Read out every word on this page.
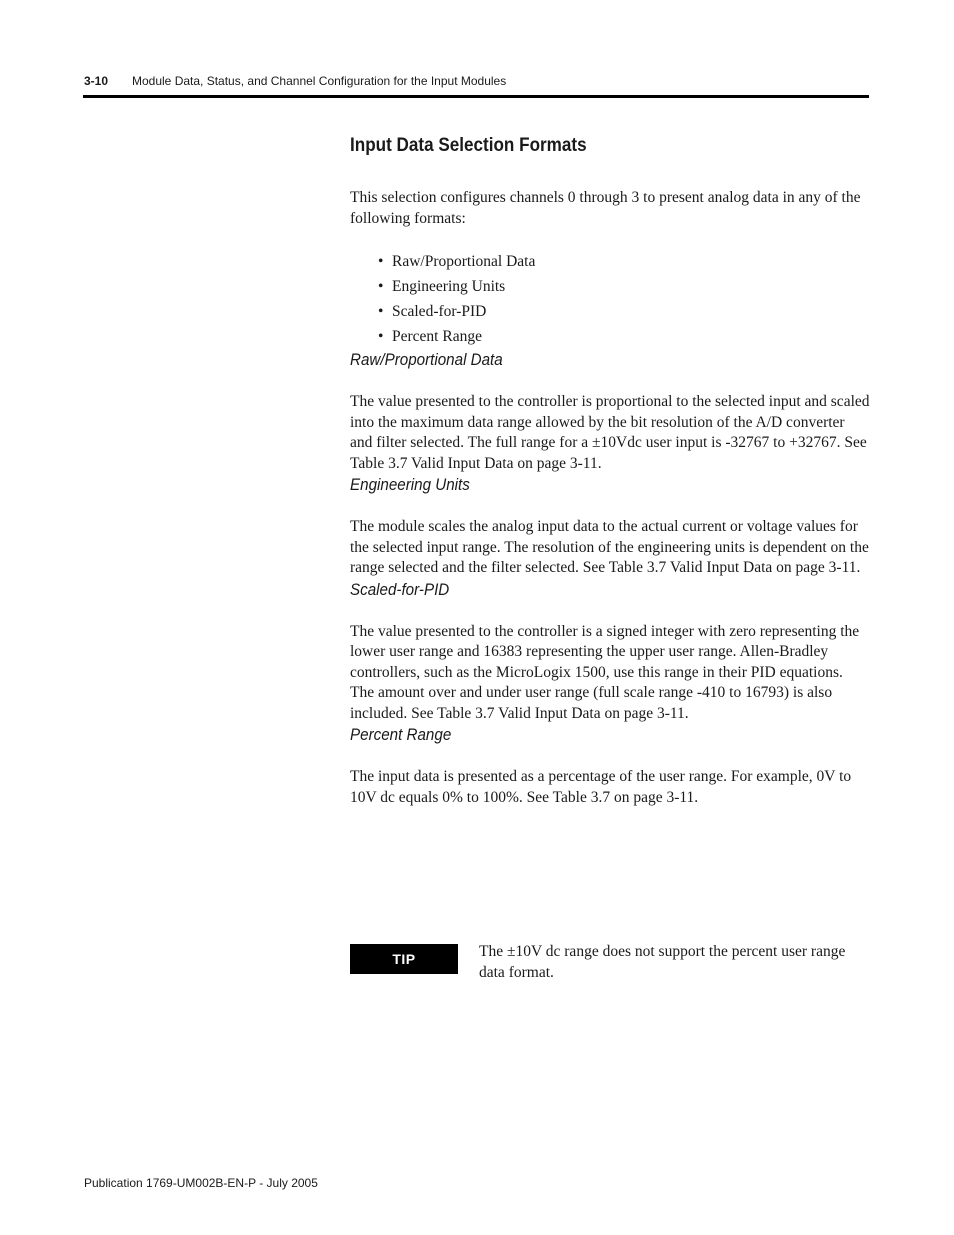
3-10 Module Data, Status, and Channel Configuration for the Input Modules
Input Data Selection Formats

This selection configures channels 0 through 3 to present analog data in any of the following formats:

• Raw/Proportional Data
• Engineering Units
• Scaled-for-PID
• Percent Range
Raw/Proportional Data

The value presented to the controller is proportional to the selected input and scaled into the maximum data range allowed by the bit resolution of the A/D converter and filter selected. The full range for a ±10Vdc user input is -32767 to +32767. See Table 3.7 Valid Input Data on page 3-11.

Engineering Units

The module scales the analog input data to the actual current or voltage values for the selected input range. The resolution of the engineering units is dependent on the range selected and the filter selected. See Table 3.7 Valid Input Data on page 3-11.

Scaled-for-PID

The value presented to the controller is a signed integer with zero representing the lower user range and 16383 representing the upper user range. Allen-Bradley controllers, such as the MicroLogix 1500, use this range in their PID equations. The amount over and under user range (full scale range -410 to 16793) is also included. See Table 3.7 Valid Input Data on page 3-11.

Percent Range

The input data is presented as a percentage of the user range. For example, 0V to 10V dc equals 0% to 100%. See Table 3.7 on page 3-11.

TIP	The ±10V dc range does not support the percent user range data format.

Publication 1769-UM002B-EN-P - July 2005
